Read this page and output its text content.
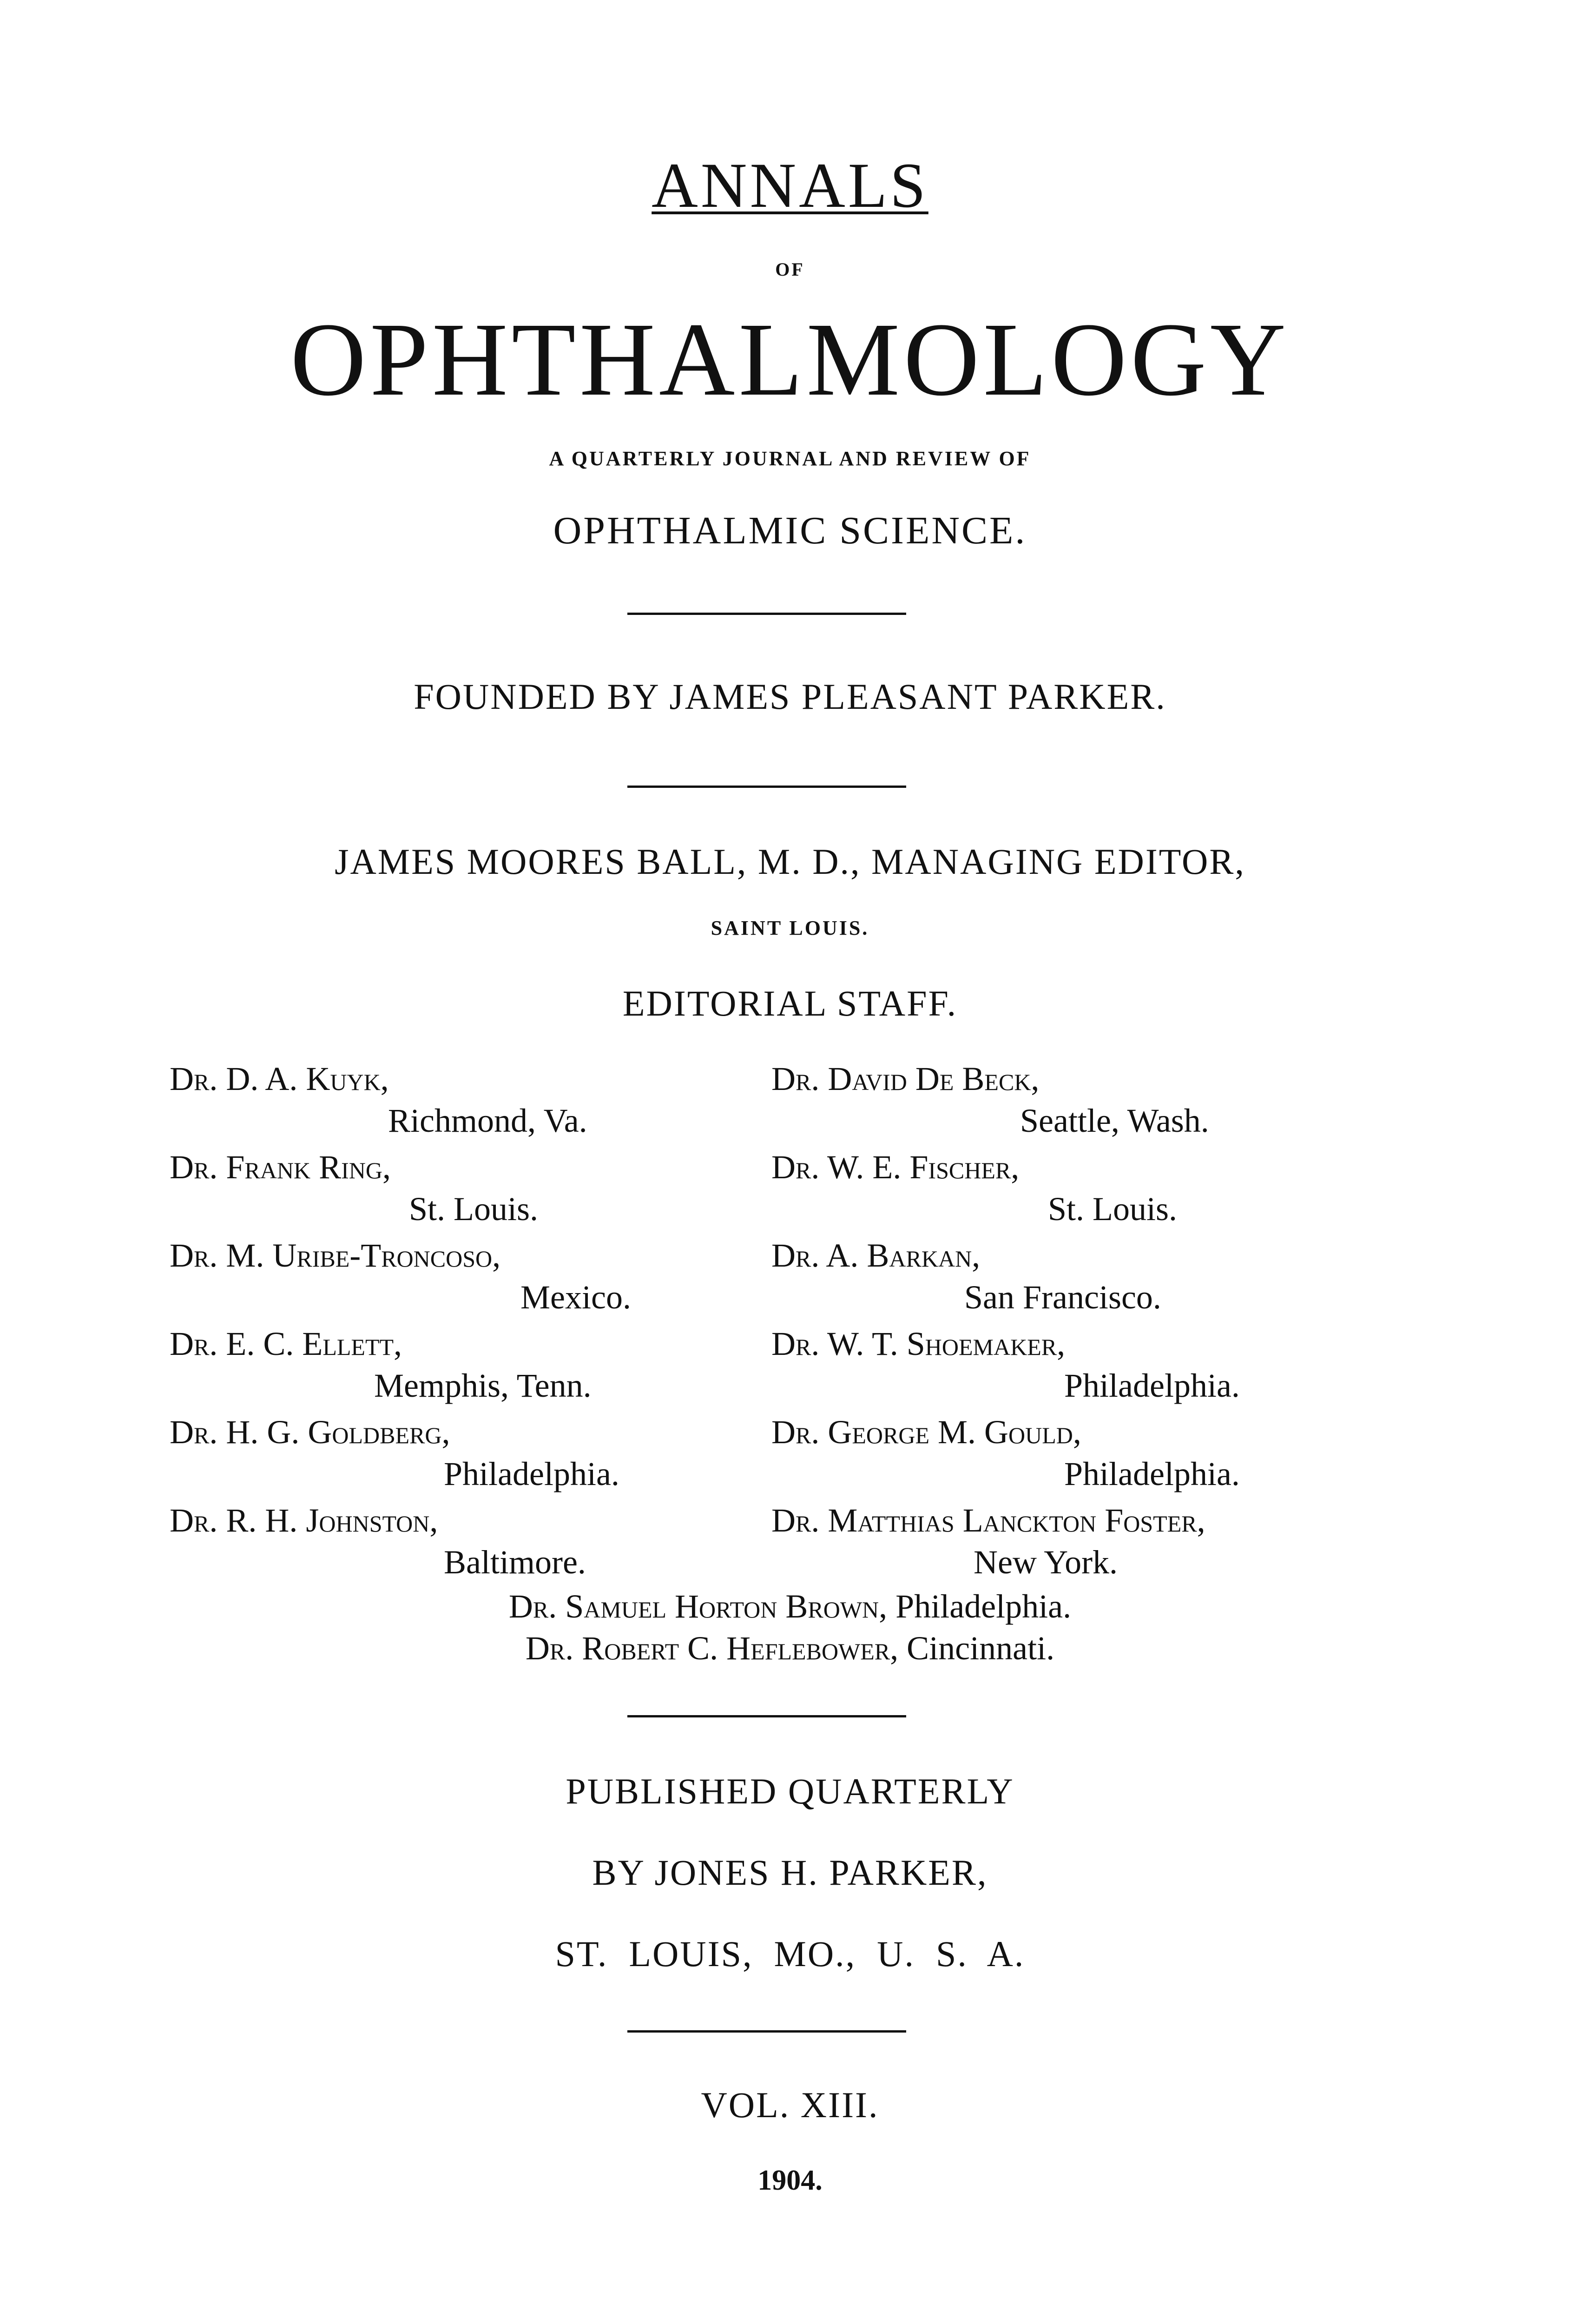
ANNALS
OF
OPHTHALMOLOGY
A QUARTERLY JOURNAL AND REVIEW OF
OPHTHALMIC SCIENCE.
FOUNDED BY JAMES PLEASANT PARKER.
JAMES MOORES BALL, M. D., MANAGING EDITOR,
SAINT LOUIS.
EDITORIAL STAFF.
Dr. D. A. Kuyk,
Richmond, Va.
Dr. Frank Ring,
St. Louis.
Dr. M. Uribe-Troncoso,
Mexico.
Dr. E. C. Ellett,
Memphis, Tenn.
Dr. H. G. Goldberg,
Philadelphia.
Dr. R. H. Johnston,
Baltimore.
Dr. David De Beck,
Seattle, Wash.
Dr. W. E. Fischer,
St. Louis.
Dr. A. Barkan,
San Francisco.
Dr. W. T. Shoemaker,
Philadelphia.
Dr. George M. Gould,
Philadelphia.
Dr. Matthias Lanckton Foster,
New York.
Dr. Samuel Horton Brown, Philadelphia.
Dr. Robert C. Heflebower, Cincinnati.
PUBLISHED QUARTERLY
BY JONES H. PARKER,
ST.  LOUIS,  MO.,  U.  S.  A.
VOL. XIII.
1904.
